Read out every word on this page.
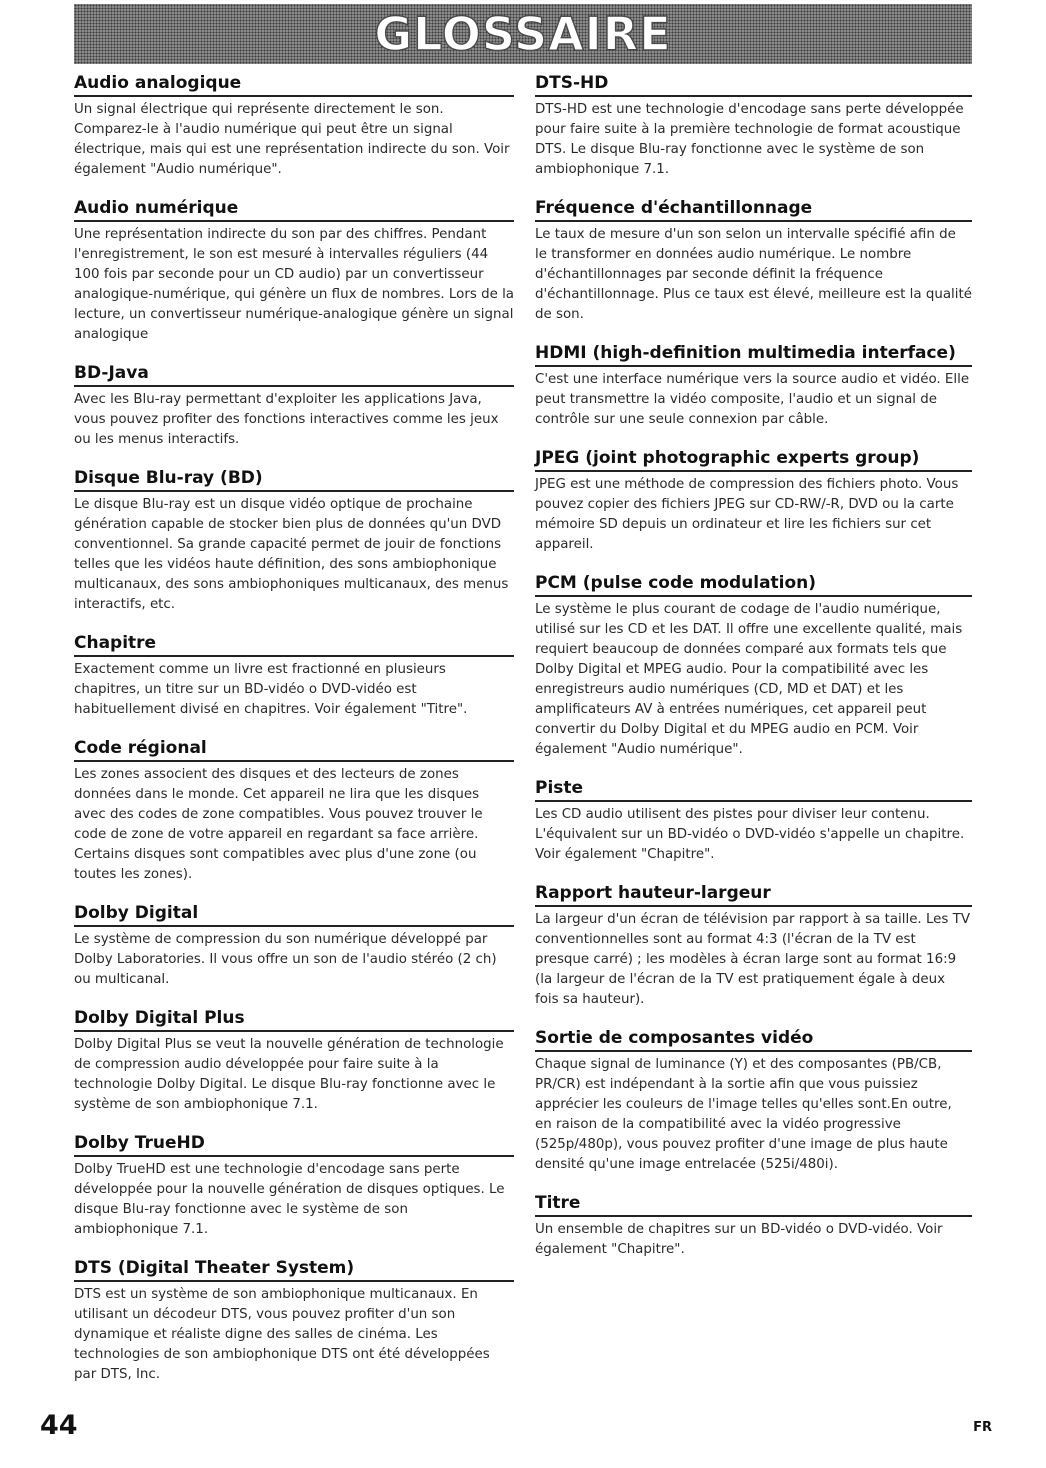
GLOSSAIRE
Audio analogique

Un signal électrique qui représente directement le son. Comparez-le à l'audio numérique qui peut être un signal électrique, mais qui est une représentation indirecte du son. Voir également "Audio numérique".

Audio numérique

Une représentation indirecte du son par des chiffres. Pendant l'enregistrement, le son est mesuré à intervalles réguliers (44 100 fois par seconde pour un CD audio) par un convertisseur analogique-numérique, qui génère un flux de nombres. Lors de la lecture, un convertisseur numérique-analogique génère un signal analogique

BD-Java

Avec les Blu-ray permettant d'exploiter les applications Java, vous pouvez profiter des fonctions interactives comme les jeux ou les menus interactifs.

Disque Blu-ray (BD)

Le disque Blu-ray est un disque vidéo optique de prochaine génération capable de stocker bien plus de données qu'un DVD conventionnel. Sa grande capacité permet de jouir de fonctions telles que les vidéos haute définition, des sons ambiophonique multicanaux, des sons ambiophoniques multicanaux, des menus interactifs, etc.

Chapitre

Exactement comme un livre est fractionné en plusieurs chapitres, un titre sur un BD-vidéo o DVD-vidéo est habituellement divisé en chapitres. Voir également "Titre".

Code régional

Les zones associent des disques et des lecteurs de zones données dans le monde. Cet appareil ne lira que les disques avec des codes de zone compatibles. Vous pouvez trouver le code de zone de votre appareil en regardant sa face arrière. Certains disques sont compatibles avec plus d'une zone (ou toutes les zones).

Dolby Digital

Le système de compression du son numérique développé par Dolby Laboratories. Il vous offre un son de l'audio stéréo (2 ch) ou multicanal.

Dolby Digital Plus

Dolby Digital Plus se veut la nouvelle génération de technologie de compression audio développée pour faire suite à la technologie Dolby Digital. Le disque Blu-ray fonctionne avec le système de son ambiophonique 7.1.

Dolby TrueHD

Dolby TrueHD est une technologie d'encodage sans perte développée pour la nouvelle génération de disques optiques. Le disque Blu-ray fonctionne avec le système de son ambiophonique 7.1.

DTS (Digital Theater System)

DTS est un système de son ambiophonique multicanaux. En utilisant un décodeur DTS, vous pouvez profiter d'un son dynamique et réaliste digne des salles de cinéma. Les technologies de son ambiophonique DTS ont été développées par DTS, Inc.

DTS-HD

DTS-HD est une technologie d'encodage sans perte développée pour faire suite à la première technologie de format acoustique DTS. Le disque Blu-ray fonctionne avec le système de son ambiophonique 7.1.

Fréquence d'échantillonnage

Le taux de mesure d'un son selon un intervalle spécifié afin de le transformer en données audio numérique. Le nombre d'échantillonnages par seconde définit la fréquence d'échantillonnage. Plus ce taux est élevé, meilleure est la qualité de son.

HDMI (high-definition multimedia interface)

C'est une interface numérique vers la source audio et vidéo. Elle peut transmettre la vidéo composite, l'audio et un signal de contrôle sur une seule connexion par câble.

JPEG (joint photographic experts group)

JPEG est une méthode de compression des fichiers photo. Vous pouvez copier des fichiers JPEG sur CD-RW/-R, DVD ou la carte mémoire SD depuis un ordinateur et lire les fichiers sur cet appareil.

PCM (pulse code modulation)

Le système le plus courant de codage de l'audio numérique, utilisé sur les CD et les DAT. Il offre une excellente qualité, mais requiert beaucoup de données comparé aux formats tels que Dolby Digital et MPEG audio. Pour la compatibilité avec les enregistreurs audio numériques (CD, MD et DAT) et les amplificateurs AV à entrées numériques, cet appareil peut convertir du Dolby Digital et du MPEG audio en PCM. Voir également "Audio numérique".

Piste

Les CD audio utilisent des pistes pour diviser leur contenu. L'équivalent sur un BD-vidéo o DVD-vidéo s'appelle un chapitre. Voir également "Chapitre".

Rapport hauteur-largeur

La largeur d'un écran de télévision par rapport à sa taille. Les TV conventionnelles sont au format 4:3 (l'écran de la TV est presque carré) ; les modèles à écran large sont au format 16:9 (la largeur de l'écran de la TV est pratiquement égale à deux fois sa hauteur).

Sortie de composantes vidéo

Chaque signal de luminance (Y) et des composantes (PB/CB, PR/CR) est indépendant à la sortie afin que vous puissiez apprécier les couleurs de l'image telles qu'elles sont.En outre, en raison de la compatibilité avec la vidéo progressive (525p/480p), vous pouvez profiter d'une image de plus haute densité qu'une image entrelacée (525i/480i).

Titre

Un ensemble de chapitres sur un BD-vidéo o DVD-vidéo. Voir également "Chapitre".

44	FR
